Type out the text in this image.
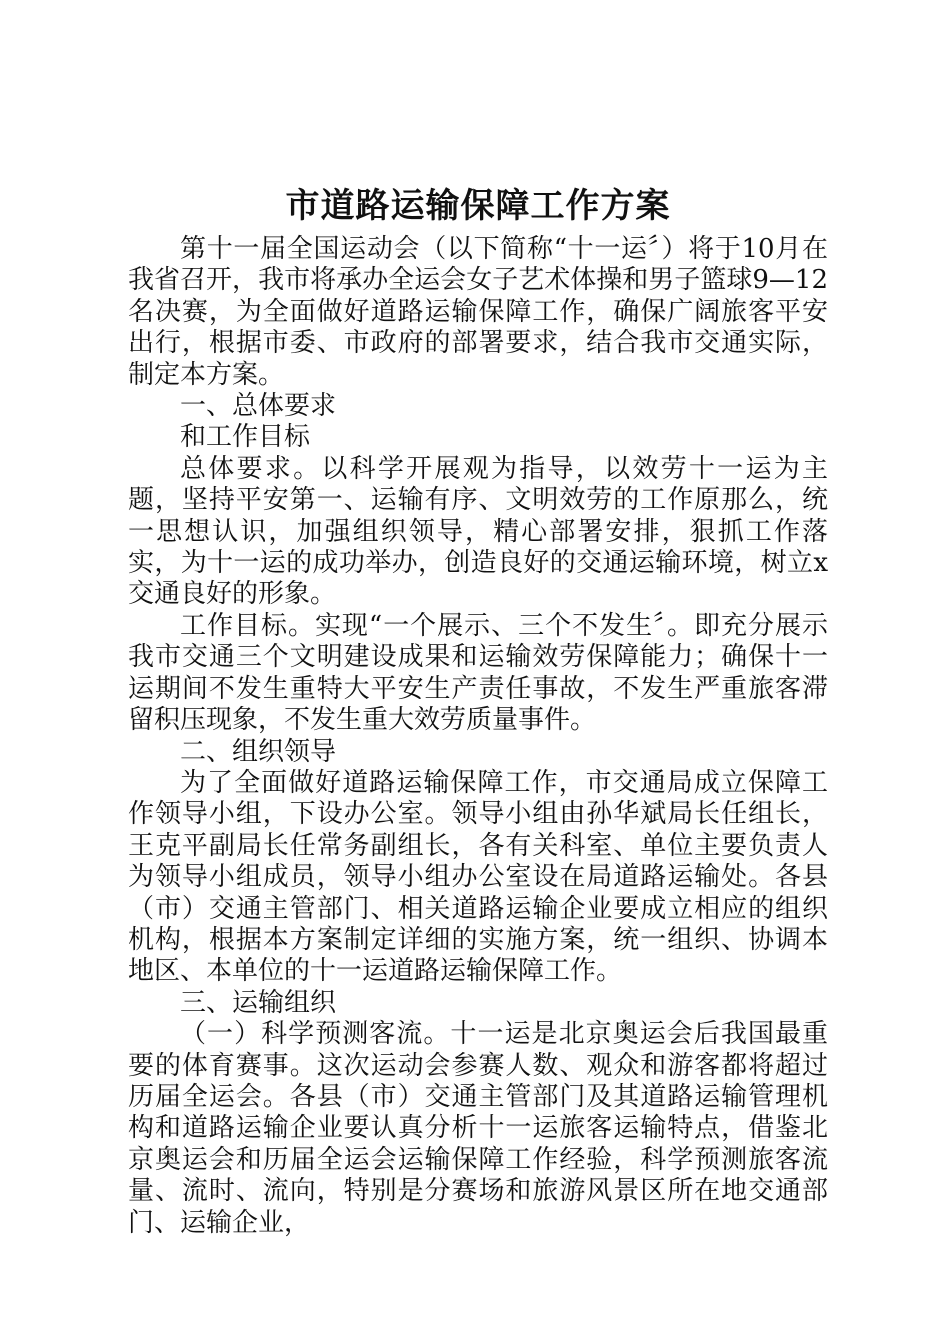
市道路运输保障工作方案

第十一届全国运动会（以下简称“十一运〞）将于10月在我省召开，我市将承办全运会女子艺术体操和男子篮球9—12名决赛，为全面做好道路运输保障工作，确保广阔旅客平安出行，根据市委、市政府的部署要求，结合我市交通实际，制定本方案。

一、总体要求

和工作目标

总体要求。以科学开展观为指导，以效劳十一运为主题，坚持平安第一、运输有序、文明效劳的工作原那么，统一思想认识，加强组织领导，精心部署安排，狠抓工作落实，为十一运的成功举办，创造良好的交通运输环境，树立x交通良好的形象。

工作目标。实现“一个展示、三个不发生〞。即充分展示我市交通三个文明建设成果和运输效劳保障能力；确保十一运期间不发生重特大平安生产责任事故，不发生严重旅客滞留积压现象，不发生重大效劳质量事件。

二、组织领导

为了全面做好道路运输保障工作，市交通局成立保障工作领导小组，下设办公室。领导小组由孙华斌局长任组长，王克平副局长任常务副组长，各有关科室、单位主要负责人为领导小组成员，领导小组办公室设在局道路运输处。各县（市）交通主管部门、相关道路运输企业要成立相应的组织机构，根据本方案制定详细的实施方案，统一组织、协调本地区、本单位的十一运道路运输保障工作。

三、运输组织

（一）科学预测客流。十一运是北京奥运会后我国最重要的体育赛事。这次运动会参赛人数、观众和游客都将超过历届全运会。各县（市）交通主管部门及其道路运输管理机构和道路运输企业要认真分析十一运旅客运输特点，借鉴北京奥运会和历届全运会运输保障工作经验，科学预测旅客流量、流时、流向，特别是分赛场和旅游风景区所在地交通部门、运输企业，
